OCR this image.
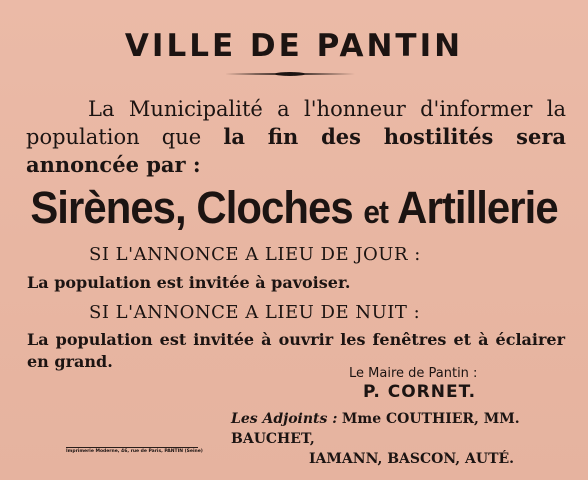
VILLE DE PANTIN

La Municipalité a l'honneur d'informer la

population que la fin des hostilités sera

annoncée par :

Sirènes, Cloches et Artillerie
SI L'ANNONCE A LIEU DE JOUR :
La population est invitée à pavoiser.
SI L'ANNONCE A LIEU DE NUIT :
La population est invitée à ouvrir les fenêtres et à éclairer en grand.
Le Maire de Pantin :
P. CORNET.
Les Adjoints : Mme COUTHIER, MM. BAUCHET,
IAMANN, BASCON, AUTÉ.
Imprimerie Moderne, 46, rue de Paris, PANTIN (Seine)
